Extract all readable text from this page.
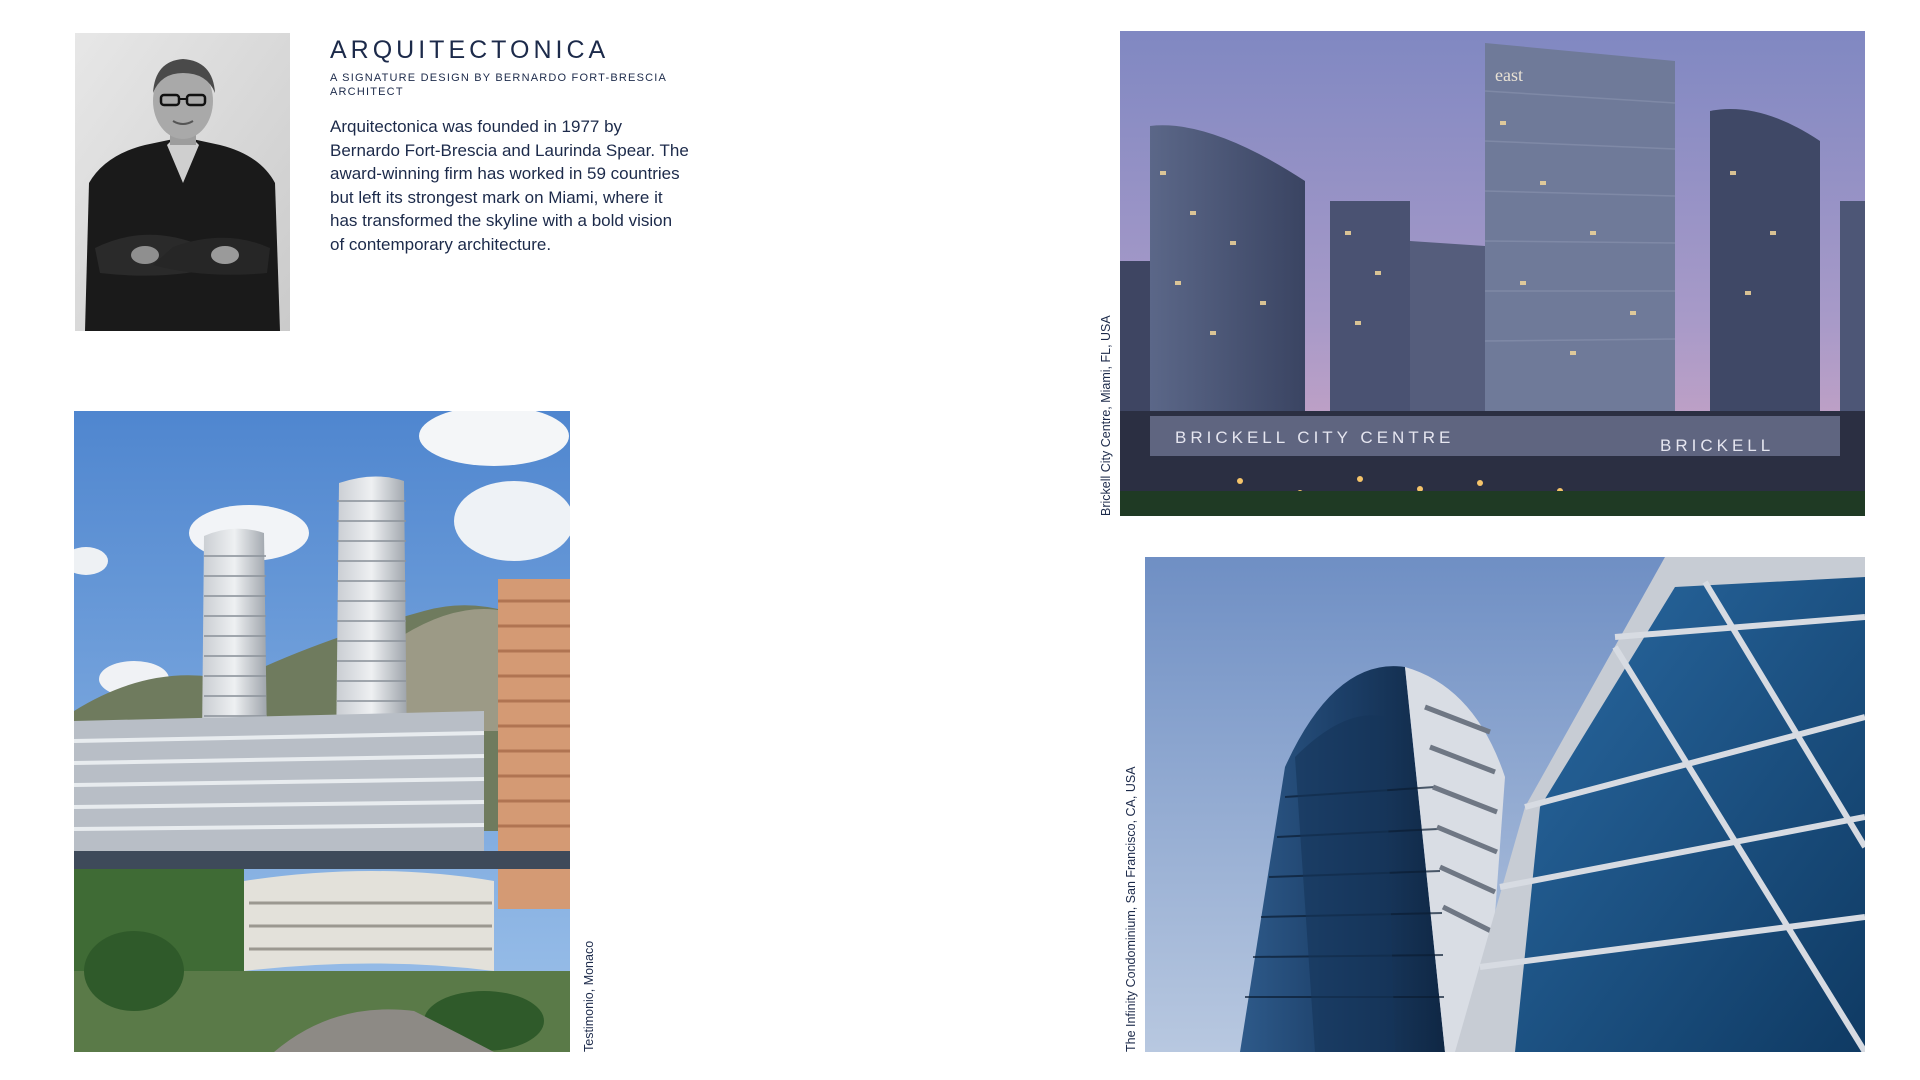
ARQUITECTONICA
A SIGNATURE DESIGN BY BERNARDO FORT-BRESCIA ARCHITECT

Arquitectonica was founded in 1977 by Bernardo Fort-Brescia and Laurinda Spear. The award-winning firm has worked in 59 countries but left its strongest mark on Miami, where it has transformed the skyline with a bold vision of contemporary architecture.

east
BRICKELL CITY CENTRE	BRICKELL
Testimonio, Monaco
Brickell City Centre, Miami, FL, USA
The Infinity Condominium, San Francisco, CA, USA
